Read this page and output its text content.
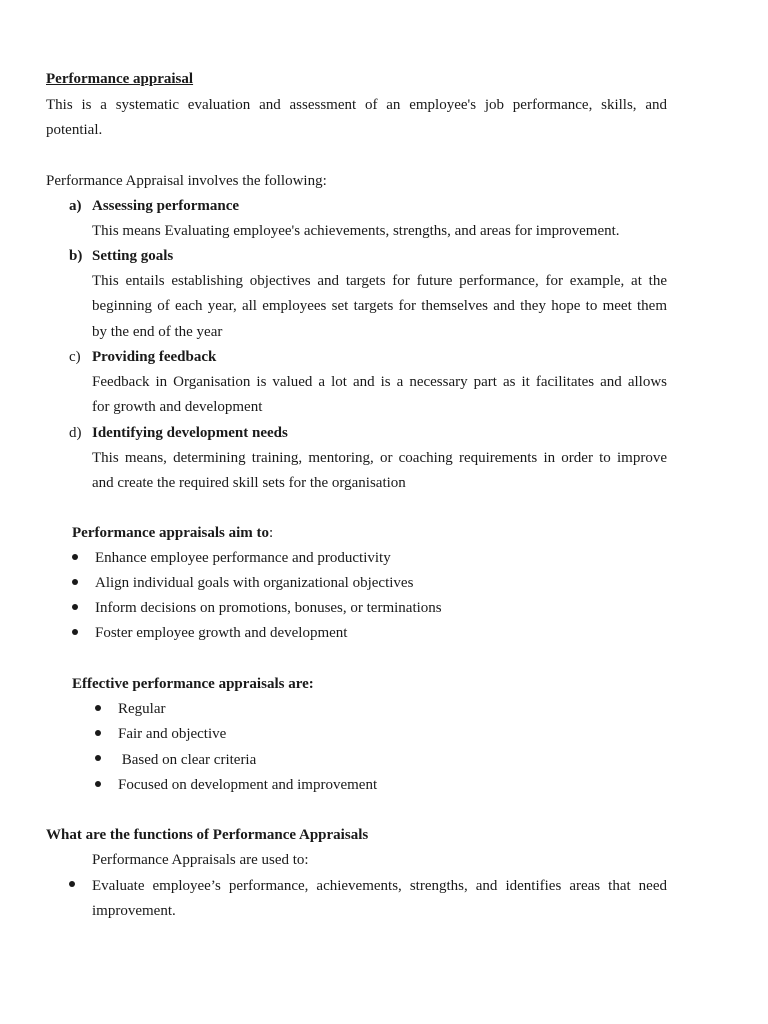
Performance appraisal
This is a systematic evaluation and assessment of an employee's job performance, skills, and
potential.
Performance Appraisal involves the following:
a) Assessing performance
This means Evaluating employee's achievements, strengths, and areas for improvement.
b) Setting goals
This entails establishing objectives and targets for future performance, for example, at the
beginning of each year, all employees set targets for themselves and they hope to meet them
by the end of the year
c) Providing feedback
Feedback in Organisation is valued a lot and is a necessary part as it facilitates and allows
for growth and development
d) Identifying development needs
This means, determining training, mentoring, or coaching requirements in order to improve
and create the required skill sets for the organisation
Performance appraisals aim to:
Enhance employee performance and productivity
Align individual goals with organizational objectives
Inform decisions on promotions, bonuses, or terminations
Foster employee growth and development
Effective performance appraisals are:
Regular
Fair and objective
Based on clear criteria
Focused on development and improvement
What are the functions of Performance Appraisals
Performance Appraisals are used to:
Evaluate employee’s performance, achievements, strengths, and identifies areas that need
improvement.
